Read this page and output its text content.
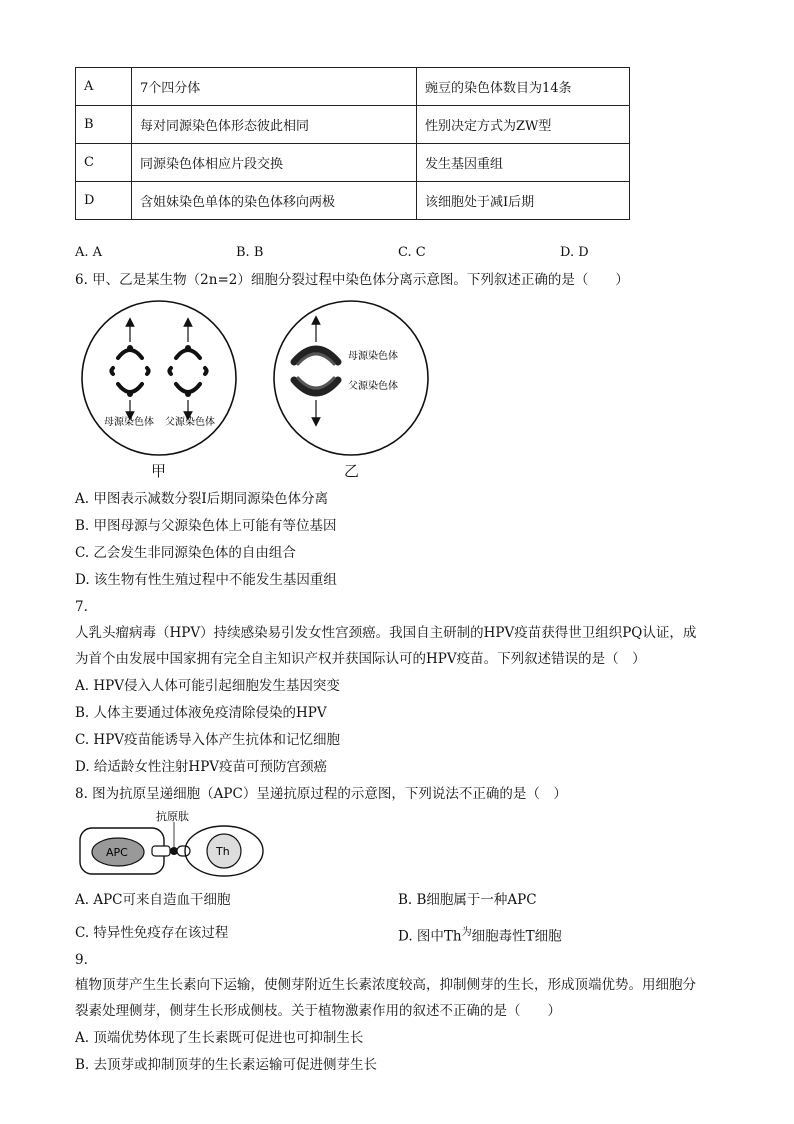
A	7个四分体	豌豆的染色体数目为14条
B	每对同源染色体形态彼此相同	性别决定方式为ZW型
C	同源染色体相应片段交换	发生基因重组
D	含姐妹染色单体的染色体移向两极	该细胞处于减Ⅰ后期
A. A	B. B	C. C	D. D
6. 甲、乙是某生物（2n=2）细胞分裂过程中染色体分离示意图。下列叙述正确的是（　　）
母源染色体 父源染色体
母源染色体
父源染色体
甲	乙
A. 甲图表示减数分裂Ⅰ后期同源染色体分离
B. 甲图母源与父源染色体上可能有等位基因
C. 乙会发生非同源染色体的自由组合
D. 该生物有性生殖过程中不能发生基因重组
7.
人乳头瘤病毒（HPV）持续感染易引发女性宫颈癌。我国自主研制的HPV疫苗获得世卫组织PQ认证，成
为首个由发展中国家拥有完全自主知识产权并获国际认可的HPV疫苗。下列叙述错误的是（　）
A. HPV侵入人体可能引起细胞发生基因突变
B. 人体主要通过体液免疫清除侵染的HPV
C. HPV疫苗能诱导入体产生抗体和记忆细胞
D. 给适龄女性注射HPV疫苗可预防宫颈癌
8. 图为抗原呈递细胞（APC）呈递抗原过程的示意图，下列说法不正确的是（　）
APC
抗原肽
Th
A. APC可来自造血干细胞	B. B细胞属于一种APC
C. 特异性免疫存在该过程	D. 图中$Th^为$细胞毒性T细胞
9.
植物顶芽产生生长素向下运输，使侧芽附近生长素浓度较高，抑制侧芽的生长，形成顶端优势。用细胞分
裂素处理侧芽，侧芽生长形成侧枝。关于植物激素作用的叙述不正确的是（　　）
A. 顶端优势体现了生长素既可促进也可抑制生长
B. 去顶芽或抑制顶芽的生长素运输可促进侧芽生长
